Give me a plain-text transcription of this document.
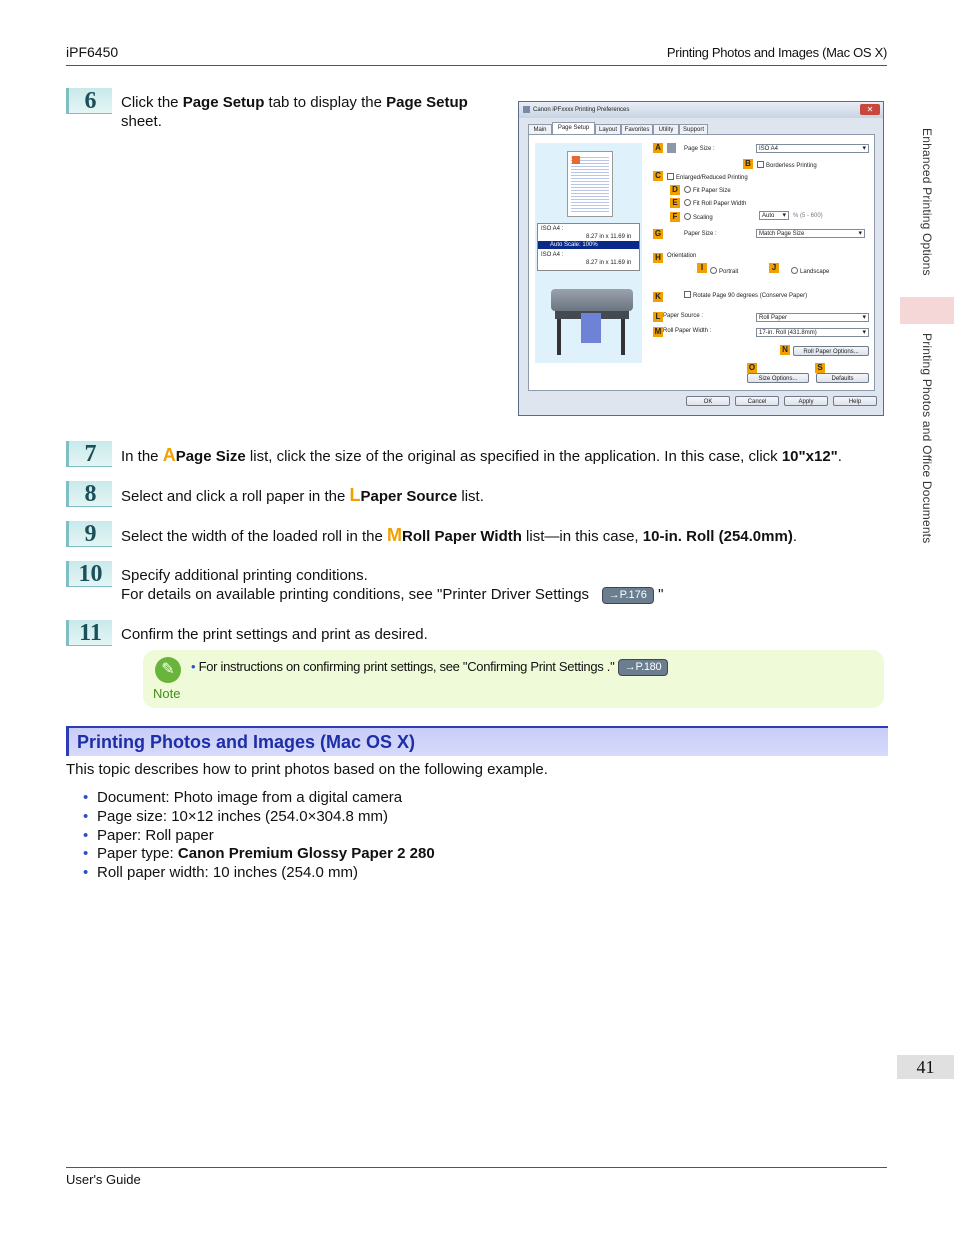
iPF6450	Printing Photos and Images (Mac OS X)
Enhanced Printing Options
Printing Photos and Office Documents
6	Click the Page Setup tab to display the Page Setup
sheet.
Canon iPFxxxx Printing Preferences	✕
Main	Page Setup	Layout	Favorites	Utility	Support
ISO A4 :
8.27 in x 11.69 in
Auto Scale: 100%
ISO A4 :
8.27 in x 11.69 in
A	Page Size :	ISO A4 ▾
B	Borderless Printing
C	Enlarged/Reduced Printing
D	Fit Paper Size
E	Fit Roll Paper Width
F	Scaling	Auto ▾	% (5 - 600)
G	Paper Size :	Match Page Size ▾
H	Orientation
I	Portrait	J	Landscape
K	Rotate Page 90 degrees (Conserve Paper)
L Paper Source :	Roll Paper ▾
M Roll Paper Width :	17-in. Roll (431.8mm) ▾
N	Roll Paper Options...
O	S
Size Options...	Defaults
OK	Cancel	Apply	Help
7	In the APage Size list, click the size of the original as specified in the application. In this case, click 10"x12".
8	Select and click a roll paper in the LPaper Source list.
9	Select the width of the loaded roll in the MRoll Paper Width list—in this case, 10-in. Roll (254.0mm).
10	Specify additional printing conditions.
For details on available printing conditions, see "Printer Driver Settings →P.176 "
11	Confirm the print settings and print as desired.
✎
Note
• For instructions on confirming print settings, see "Confirming Print Settings ." →P.180
Printing Photos and Images (Mac OS X)
This topic describes how to print photos based on the following example.
• Document: Photo image from a digital camera
• Page size: 10×12 inches (254.0×304.8 mm)
• Paper: Roll paper
• Paper type: Canon Premium Glossy Paper 2 280
• Roll paper width: 10 inches (254.0 mm)
41
User's Guide
